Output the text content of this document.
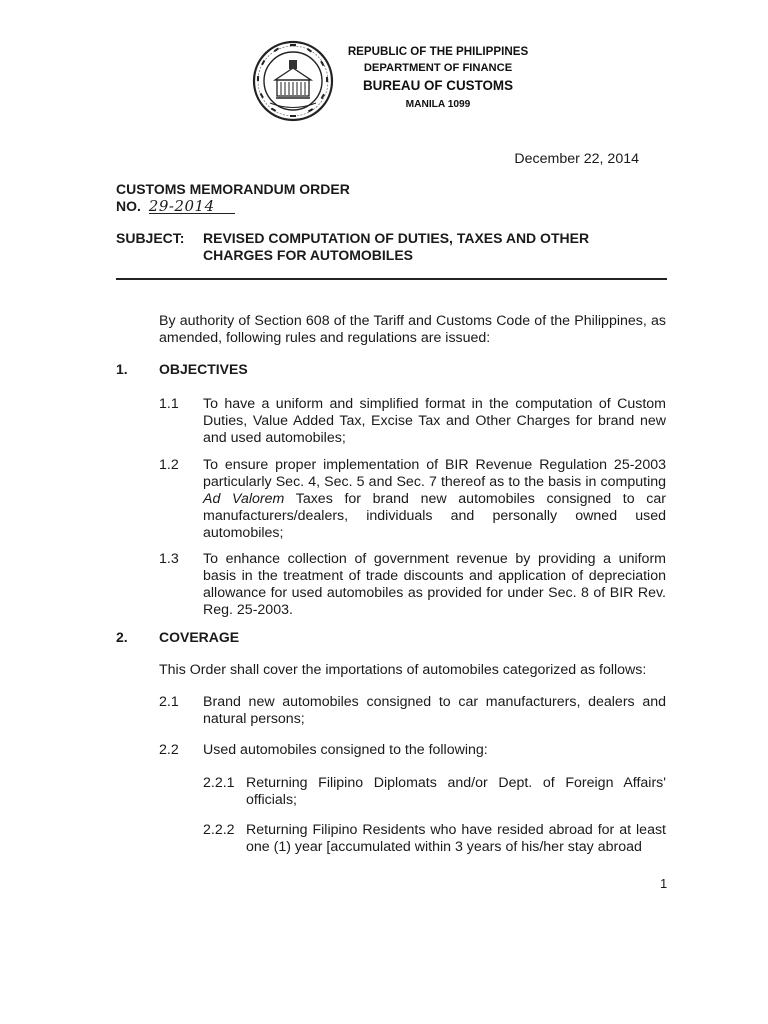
REPUBLIC OF THE PHILIPPINES
DEPARTMENT OF FINANCE
BUREAU OF CUSTOMS
MANILA 1099
December 22, 2014
CUSTOMS MEMORANDUM ORDER
NO. 29-2014
SUBJECT: REVISED COMPUTATION OF DUTIES, TAXES AND OTHER CHARGES FOR AUTOMOBILES
By authority of Section 608 of the Tariff and Customs Code of the Philippines, as amended, following rules and regulations are issued:
1. OBJECTIVES
1.1 To have a uniform and simplified format in the computation of Custom Duties, Value Added Tax, Excise Tax and Other Charges for brand new and used automobiles;
1.2 To ensure proper implementation of BIR Revenue Regulation 25-2003 particularly Sec. 4, Sec. 5 and Sec. 7 thereof as to the basis in computing Ad Valorem Taxes for brand new automobiles consigned to car manufacturers/dealers, individuals and personally owned used automobiles;
1.3 To enhance collection of government revenue by providing a uniform basis in the treatment of trade discounts and application of depreciation allowance for used automobiles as provided for under Sec. 8 of BIR Rev. Reg. 25-2003.
2. COVERAGE
This Order shall cover the importations of automobiles categorized as follows:
2.1 Brand new automobiles consigned to car manufacturers, dealers and natural persons;
2.2 Used automobiles consigned to the following:
2.2.1 Returning Filipino Diplomats and/or Dept. of Foreign Affairs' officials;
2.2.2 Returning Filipino Residents who have resided abroad for at least one (1) year [accumulated within 3 years of his/her stay abroad
1
